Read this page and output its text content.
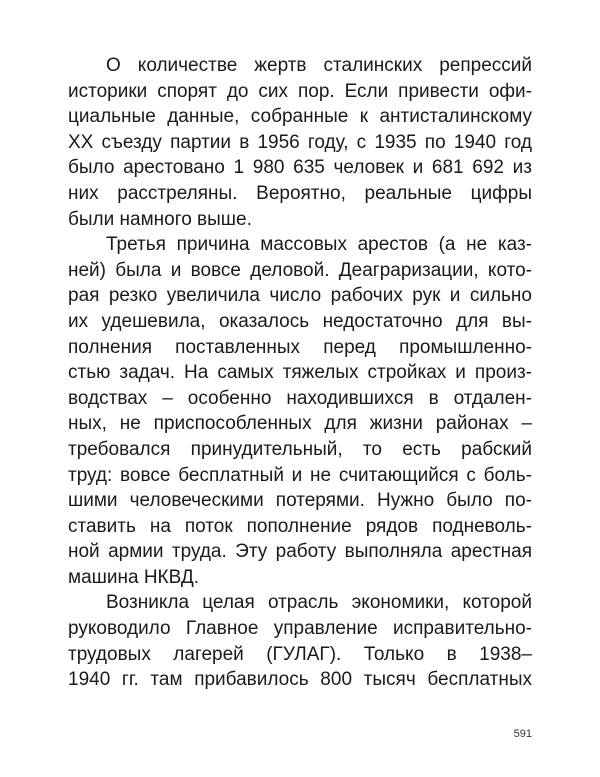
О количестве жертв сталинских репрессий
историки спорят до сих пор. Если привести офи-
циальные данные, собранные к антисталинскому
XX съезду партии в 1956 году, с 1935 по 1940 год
было арестовано 1 980 635 человек и 681 692 из
них расстреляны. Вероятно, реальные цифры
были намного выше.
Третья причина массовых арестов (а не каз-
ней) была и вовсе деловой. Деаграризации, кото-
рая резко увеличила число рабочих рук и сильно
их удешевила, оказалось недостаточно для вы-
полнения поставленных перед промышленно-
стью задач. На самых тяжелых стройках и произ-
водствах – особенно находившихся в отдален-
ных, не приспособленных для жизни районах –
требовался принудительный, то есть рабский
труд: вовсе бесплатный и не считающийся с боль-
шими человеческими потерями. Нужно было по-
ставить на поток пополнение рядов подневоль-
ной армии труда. Эту работу выполняла арестная
машина НКВД.
Возникла целая отрасль экономики, которой
руководило Главное управление исправительно-
трудовых лагерей (ГУЛАГ). Только в 1938–
1940 гг. там прибавилось 800 тысяч бесплатных
591
